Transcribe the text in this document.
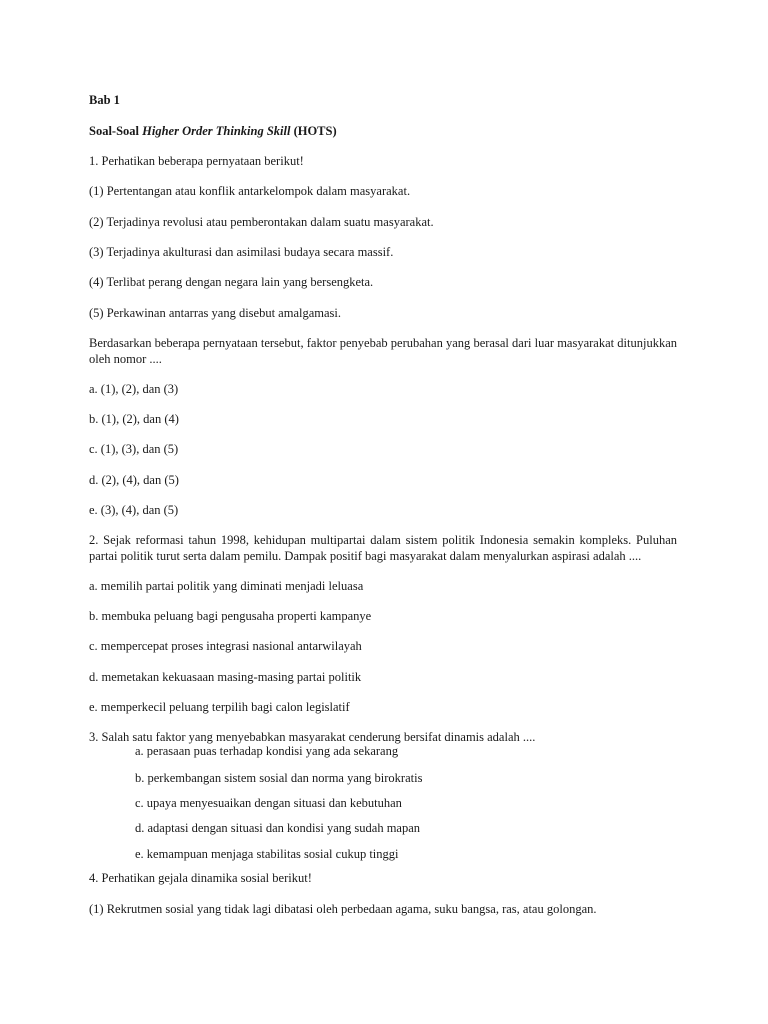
Bab 1
Soal-Soal Higher Order Thinking Skill (HOTS)
1. Perhatikan beberapa pernyataan berikut!
(1) Pertentangan atau konflik antarkelompok dalam masyarakat.
(2) Terjadinya revolusi atau pemberontakan dalam suatu masyarakat.
(3) Terjadinya akulturasi dan asimilasi budaya secara massif.
(4) Terlibat perang dengan negara lain yang bersengketa.
(5) Perkawinan antarras yang disebut amalgamasi.
Berdasarkan beberapa pernyataan tersebut, faktor penyebab perubahan yang berasal dari luar masyarakat ditunjukkan oleh nomor ....
a. (1), (2), dan (3)
b. (1), (2), dan (4)
c. (1), (3), dan (5)
d. (2), (4), dan (5)
e. (3), (4), dan (5)
2. Sejak reformasi tahun 1998, kehidupan multipartai dalam sistem politik Indonesia semakin kompleks. Puluhan partai politik turut serta dalam pemilu. Dampak positif bagi masyarakat dalam menyalurkan aspirasi adalah ....
a. memilih partai politik yang diminati menjadi leluasa
b. membuka peluang bagi pengusaha properti kampanye
c. mempercepat proses integrasi nasional antarwilayah
d. memetakan kekuasaan masing-masing partai politik
e. memperkecil peluang terpilih bagi calon legislatif
3. Salah satu faktor yang menyebabkan masyarakat cenderung bersifat dinamis adalah ....
a. perasaan puas terhadap kondisi yang ada sekarang
b. perkembangan sistem sosial dan norma yang birokratis
c. upaya menyesuaikan dengan situasi dan kebutuhan
d. adaptasi dengan situasi dan kondisi yang sudah mapan
e. kemampuan menjaga stabilitas sosial cukup tinggi
4. Perhatikan gejala dinamika sosial berikut!
(1) Rekrutmen sosial yang tidak lagi dibatasi oleh perbedaan agama, suku bangsa, ras, atau golongan.
